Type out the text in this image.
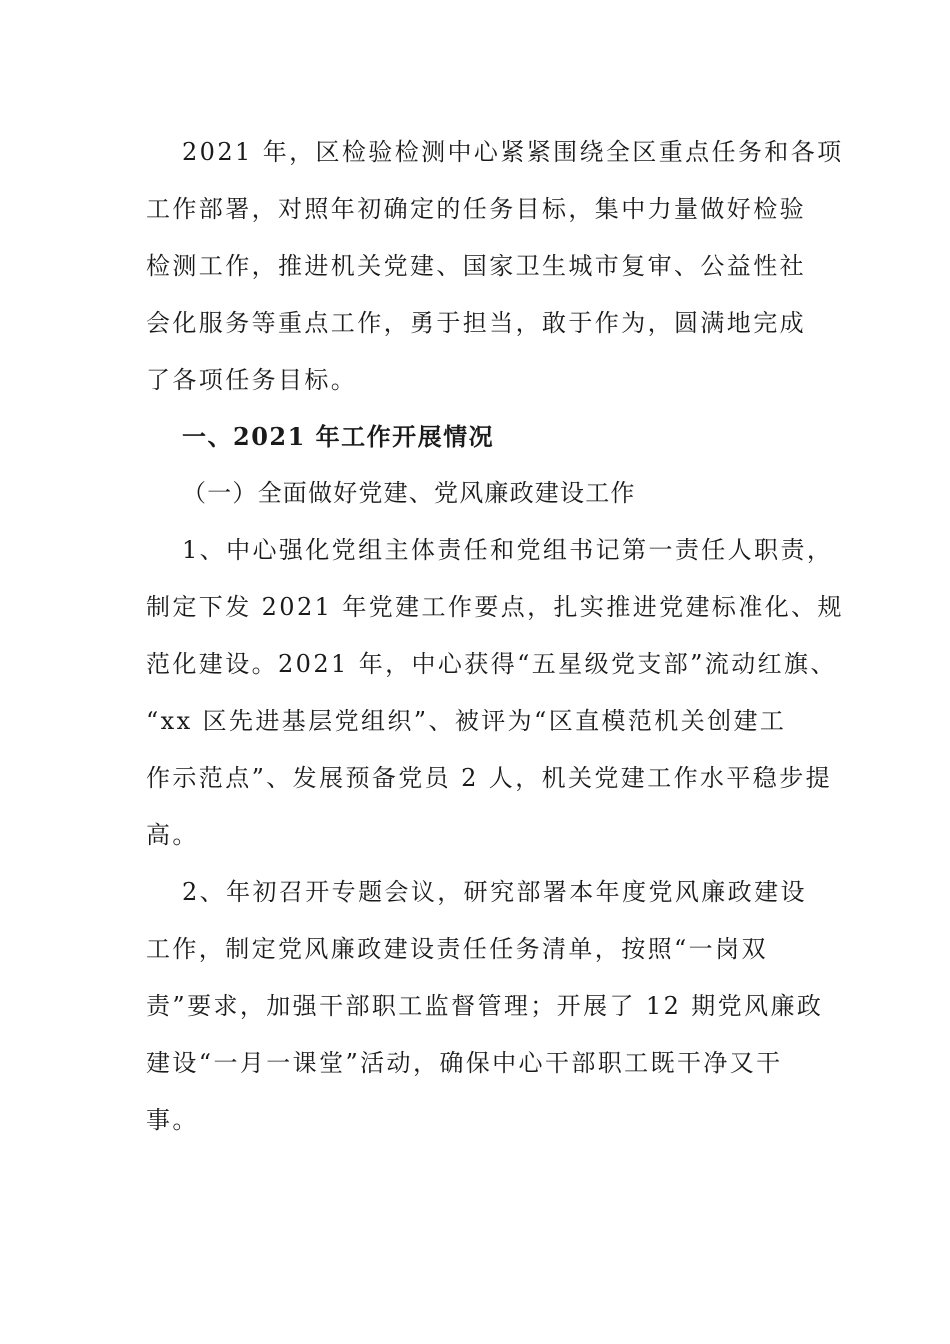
2021 年，区检验检测中心紧紧围绕全区重点任务和各项
工作部署，对照年初确定的任务目标，集中力量做好检验
检测工作，推进机关党建、国家卫生城市复审、公益性社
会化服务等重点工作，勇于担当，敢于作为，圆满地完成
了各项任务目标。
一、2021 年工作开展情况
（一）全面做好党建、党风廉政建设工作
1、中心强化党组主体责任和党组书记第一责任人职责，
制定下发 2021 年党建工作要点，扎实推进党建标准化、规
范化建设。2021 年，中心获得“五星级党支部”流动红旗、
“xx 区先进基层党组织”、被评为“区直模范机关创建工
作示范点”、发展预备党员 2 人，机关党建工作水平稳步提
高。
2、年初召开专题会议，研究部署本年度党风廉政建设
工作，制定党风廉政建设责任任务清单，按照“一岗双
责”要求，加强干部职工监督管理；开展了 12 期党风廉政
建设“一月一课堂”活动，确保中心干部职工既干净又干
事。
